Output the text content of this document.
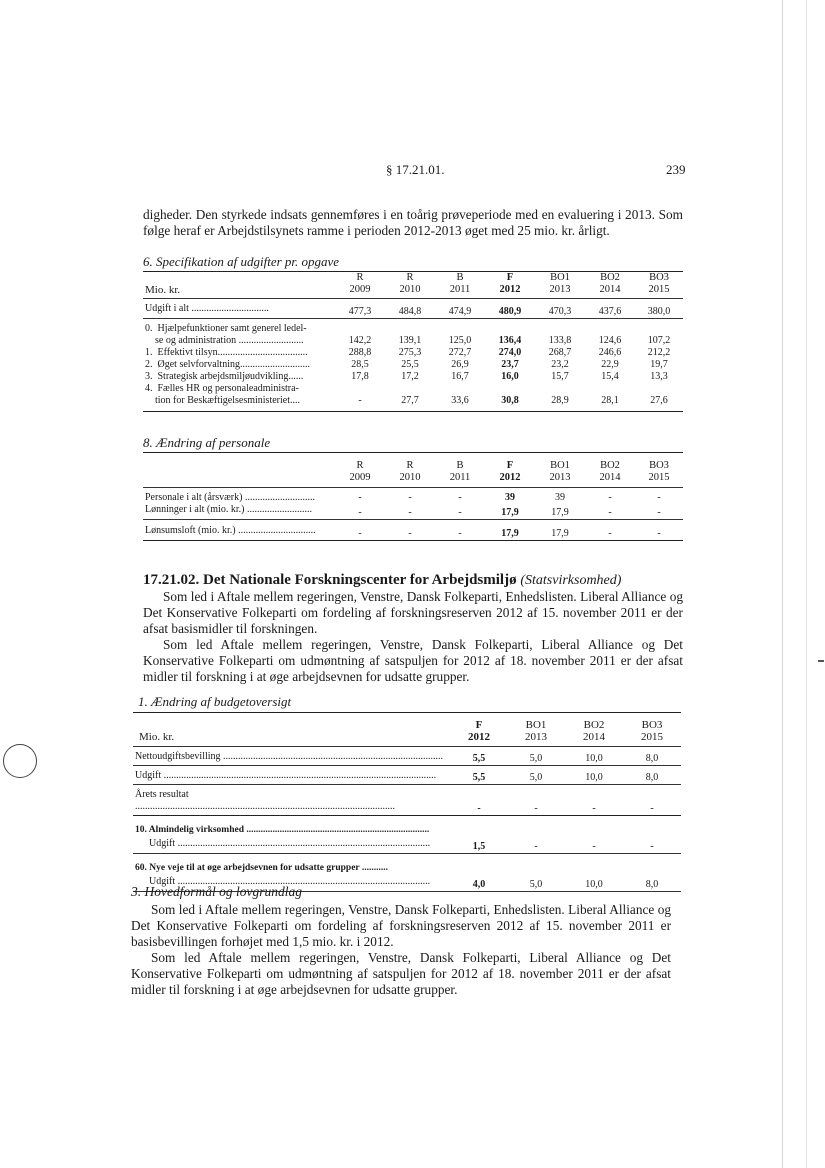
§ 17.21.01.	239

digheder. Den styrkede indsats gennemføres i en toårig prøveperiode med en evaluering i 2013. Som følge heraf er Arbejdstilsynets ramme i perioden 2012-2013 øget med 25 mio. kr. årligt.

6. Specifikation af udgifter pr. opgave
	R	R	B	F	BO1	BO2	BO3
Mio. kr.	2009	2010	2011	2012	2013	2014	2015
Udgift i alt ...............................	477,3	484,8	474,9	480,9	470,3	437,6	380,0
0. Hjælpefunktioner samt generel ledel-
se og administration ..........................	142,2	139,1	125,0	136,4	133,8	124,6	107,2
1. Effektivt tilsyn....................................	288,8	275,3	272,7	274,0	268,7	246,6	212,2
2. Øget selvforvaltning............................	28,5	25,5	26,9	23,7	23,2	22,9	19,7
3. Strategisk arbejdsmiljøudvikling......	17,8	17,2	16,7	16,0	15,7	15,4	13,3
4. Fælles HR og personaleadministra-
tion for Beskæftigelsesministeriet....	-	27,7	33,6	30,8	28,9	28,1	27,6
8. Ændring af personale
	R	R	B	F	BO1	BO2	BO3
	2009	2010	2011	2012	2013	2014	2015
Personale i alt (årsværk) ............................	-	-	-	39	39	-	-
Lønninger i alt (mio. kr.) ..........................	-	-	-	17,9	17,9	-	-
Lønsumsloft (mio. kr.) ...............................	-	-	-	17,9	17,9	-	-
17.21.02. Det Nationale Forskningscenter for Arbejdsmiljø (Statsvirksomhed)

Som led i Aftale mellem regeringen, Venstre, Dansk Folkeparti, Enhedslisten. Liberal Alliance og Det Konservative Folkeparti om fordeling af forskningsreserven 2012 af 15. november 2011 er der afsat basismidler til forskningen.

Som led Aftale mellem regeringen, Venstre, Dansk Folkeparti, Liberal Alliance og Det Konservative Folkeparti om udmøntning af satspuljen for 2012 af 18. november 2011 er der afsat midler til forskning i at øge arbejdsevnen for udsatte grupper.

1. Ændring af budgetoversigt
	F	BO1	BO2	BO3
Mio. kr.	2012	2013	2014	2015
Nettoudgiftsbevilling ........................................................................................	5,5	5,0	10,0	8,0
Udgift .............................................................................................................	5,5	5,0	10,0	8,0
Årets resultat ........................................................................................................	-	-	-	-
10. Almindelig virksomhed .............................................................................				
Udgift .....................................................................................................	1,5	-	-	-
60. Nye veje til at øge arbejdsevnen for udsatte grupper ...........				
Udgift .....................................................................................................	4,0	5,0	10,0	8,0
3. Hovedformål og lovgrundlag

Som led i Aftale mellem regeringen, Venstre, Dansk Folkeparti, Enhedslisten. Liberal Alliance og Det Konservative Folkeparti om fordeling af forskningsreserven 2012 af 15. november 2011 er basisbevillingen forhøjet med 1,5 mio. kr. i 2012.

Som led Aftale mellem regeringen, Venstre, Dansk Folkeparti, Liberal Alliance og Det Konservative Folkeparti om udmøntning af satspuljen for 2012 af 18. november 2011 er der afsat midler til forskning i at øge arbejdsevnen for udsatte grupper.
